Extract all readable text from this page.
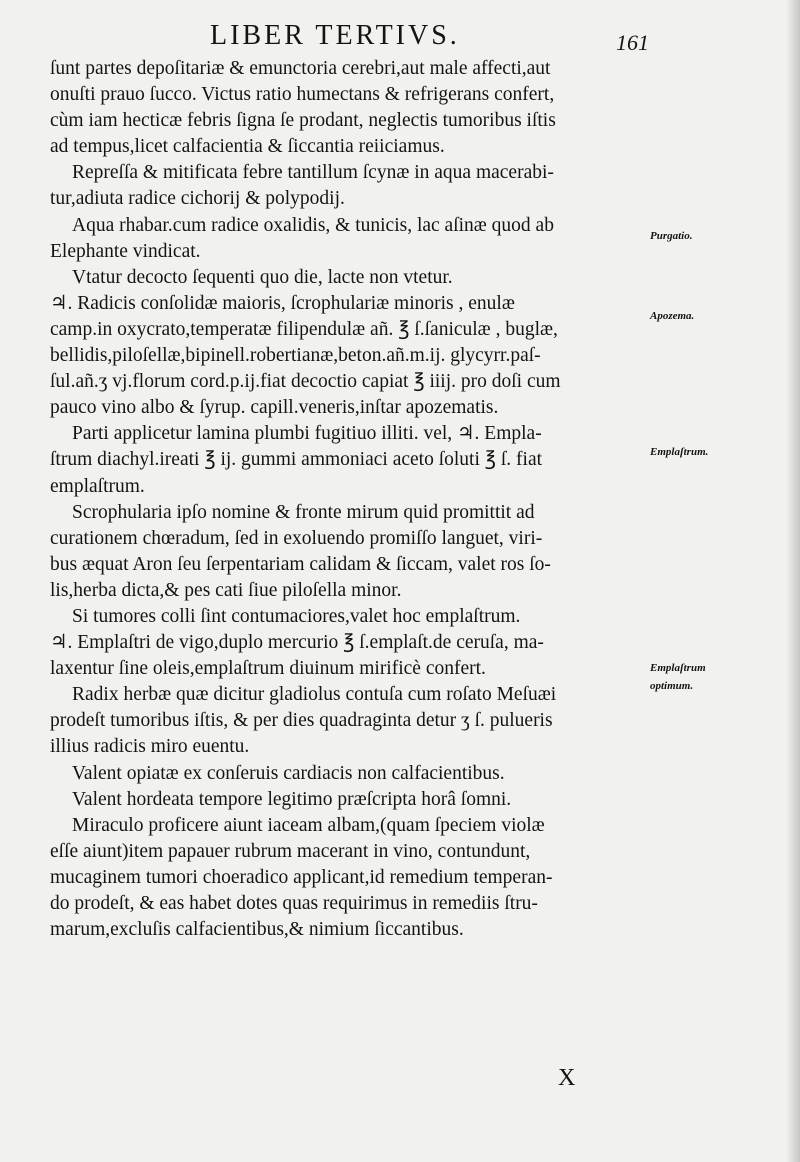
LIBER TERTIVS.	161
ſunt partes depoſitariæ & emunctoria cerebri,aut male affecti,aut
onuſti prauo ſucco. Victus ratio humectans & refrigerans confert,
cùm iam hecticæ febris ſigna ſe prodant, neglectis tumoribus iſtis
ad tempus,licet calfacientia & ſiccantia reiiciamus.
Repreſſa & mitificata febre tantillum ſcynæ in aqua macerabi-
tur,adiuta radice cichorij & polypodij.
Aqua rhabar.cum radice oxalidis, & tunicis, lac aſinæ quod ab
Elephante vindicat.
Vtatur decocto ſequenti quo die, lacte non vtetur.
♃. Radicis conſolidæ maioris, ſcrophulariæ minoris , enulæ
camp.in oxycrato,temperatæ filipendulæ añ. ℥ ſ.ſaniculæ , buglæ,
bellidis,piloſellæ,bipinell.robertianæ,beton.añ.m.ij. glycyrr.paſ-
ſul.añ.ʒ vj.florum cord.p.ij.fiat decoctio capiat ℥ iiij. pro doſi cum
pauco vino albo & ſyrup. capill.veneris,inſtar apozematis.
Parti applicetur lamina plumbi fugitiuo illiti. vel, ♃. Empla-
ſtrum diachyl.ireati ℥ ij. gummi ammoniaci aceto ſoluti ℥ ſ. fiat
emplaſtrum.
Scrophularia ipſo nomine & fronte mirum quid promittit ad
curationem chœradum, ſed in exoluendo promiſſo languet, viri-
bus æquat Aron ſeu ſerpentariam calidam & ſiccam, valet ros ſo-
lis,herba dicta,& pes cati ſiue piloſella minor.
Si tumores colli ſint contumaciores,valet hoc emplaſtrum.
♃. Emplaſtri de vigo,duplo mercurio ℥ ſ.emplaſt.de ceruſa, ma-
laxentur ſine oleis,emplaſtrum diuinum mirificè confert.
Radix herbæ quæ dicitur gladiolus contuſa cum roſato Meſuæi
prodeſt tumoribus iſtis, & per dies quadraginta detur ʒ ſ. pulueris
illius radicis miro euentu.
Valent opiatæ ex conſeruis cardiacis non calfacientibus.
Valent hordeata tempore legitimo præſcripta horâ ſomni.
Miraculo proficere aiunt iaceam albam,(quam ſpeciem violæ
eſſe aiunt)item papauer rubrum macerant in vino, contundunt,
mucaginem tumori choeradico applicant,id remedium temperan-
do prodeſt, & eas habet dotes quas requirimus in remediis ſtru-
marum,excluſis calfacientibus,& nimium ſiccantibus.
Purgatio.
Apozema.
Emplaſtrum.
Emplaſtrum
optimum.
X
